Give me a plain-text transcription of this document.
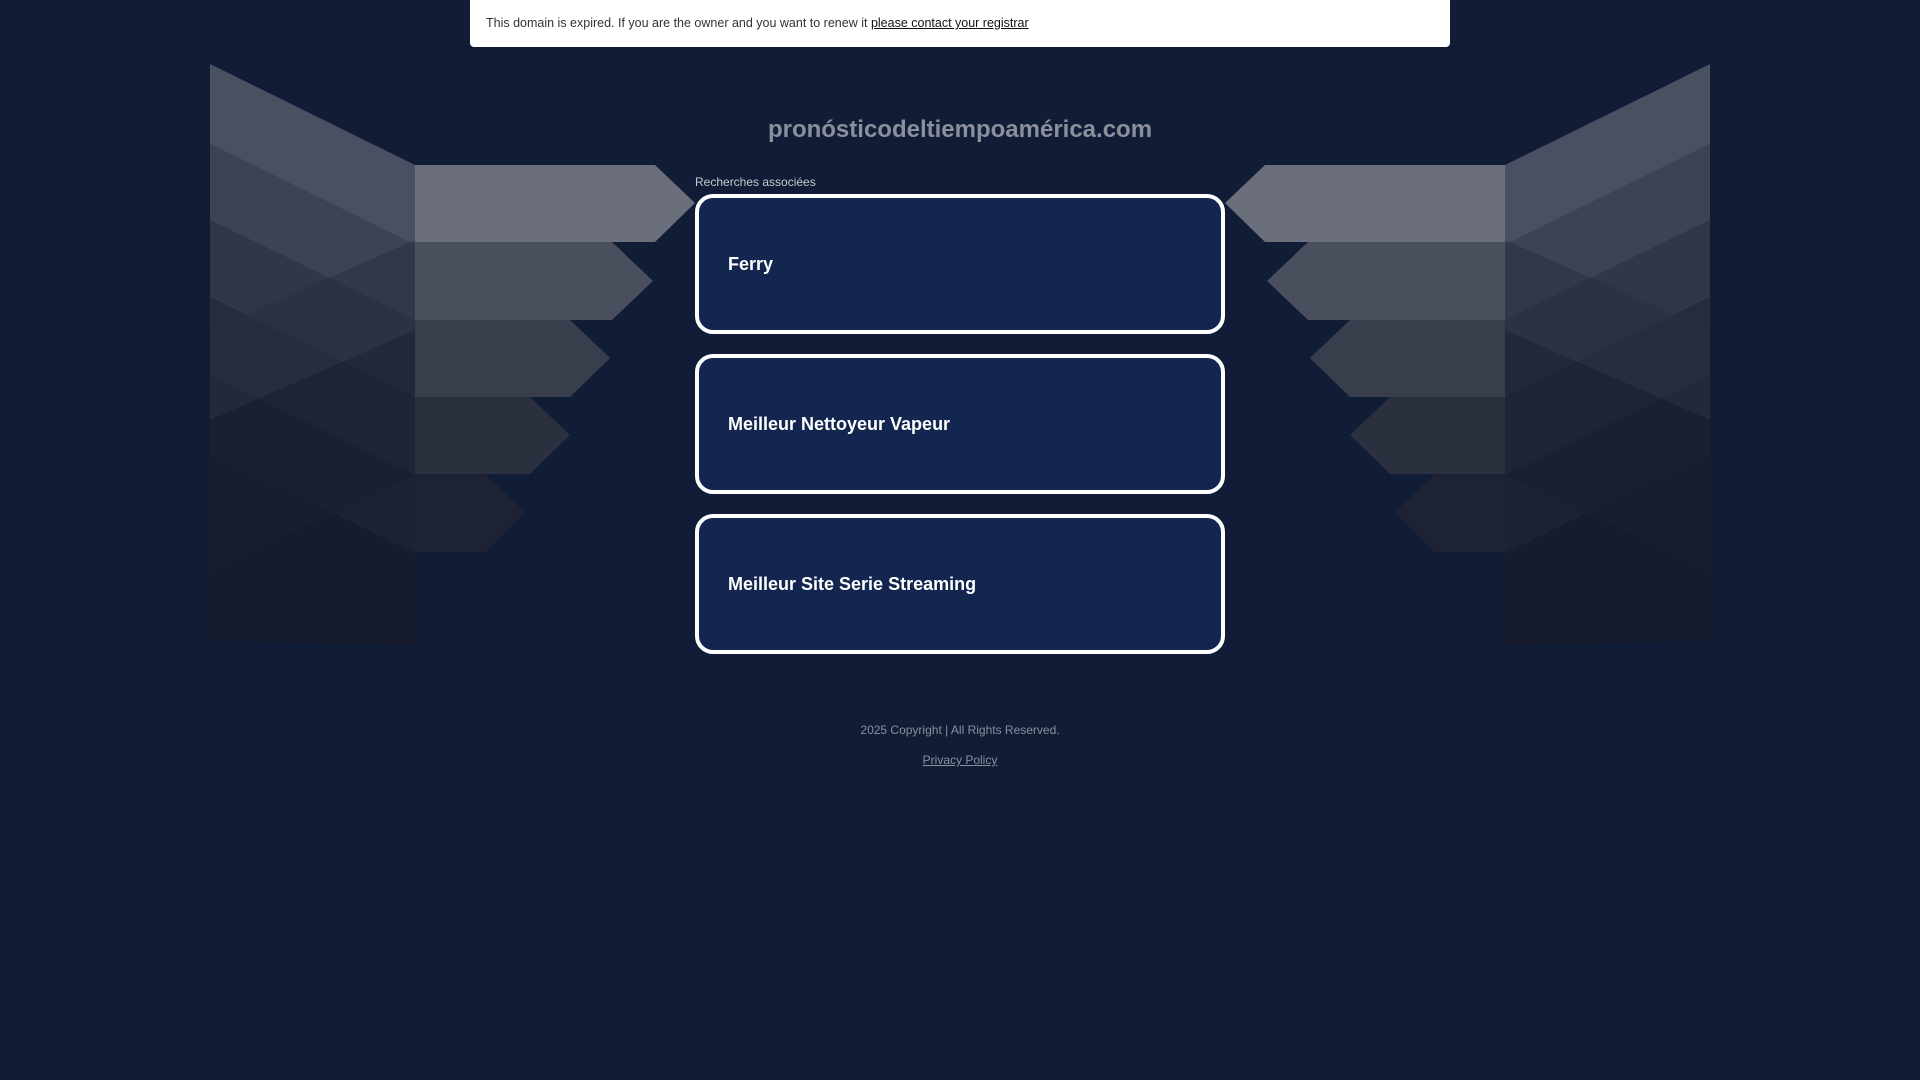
This domain is expired. If you are the owner and you want to renew it please contact your registrar
pronósticodeltiempoamérica.com
Recherches associées
Ferry
Meilleur Nettoyeur Vapeur
Meilleur Site Serie Streaming
2025 Copyright | All Rights Reserved.
Privacy Policy
